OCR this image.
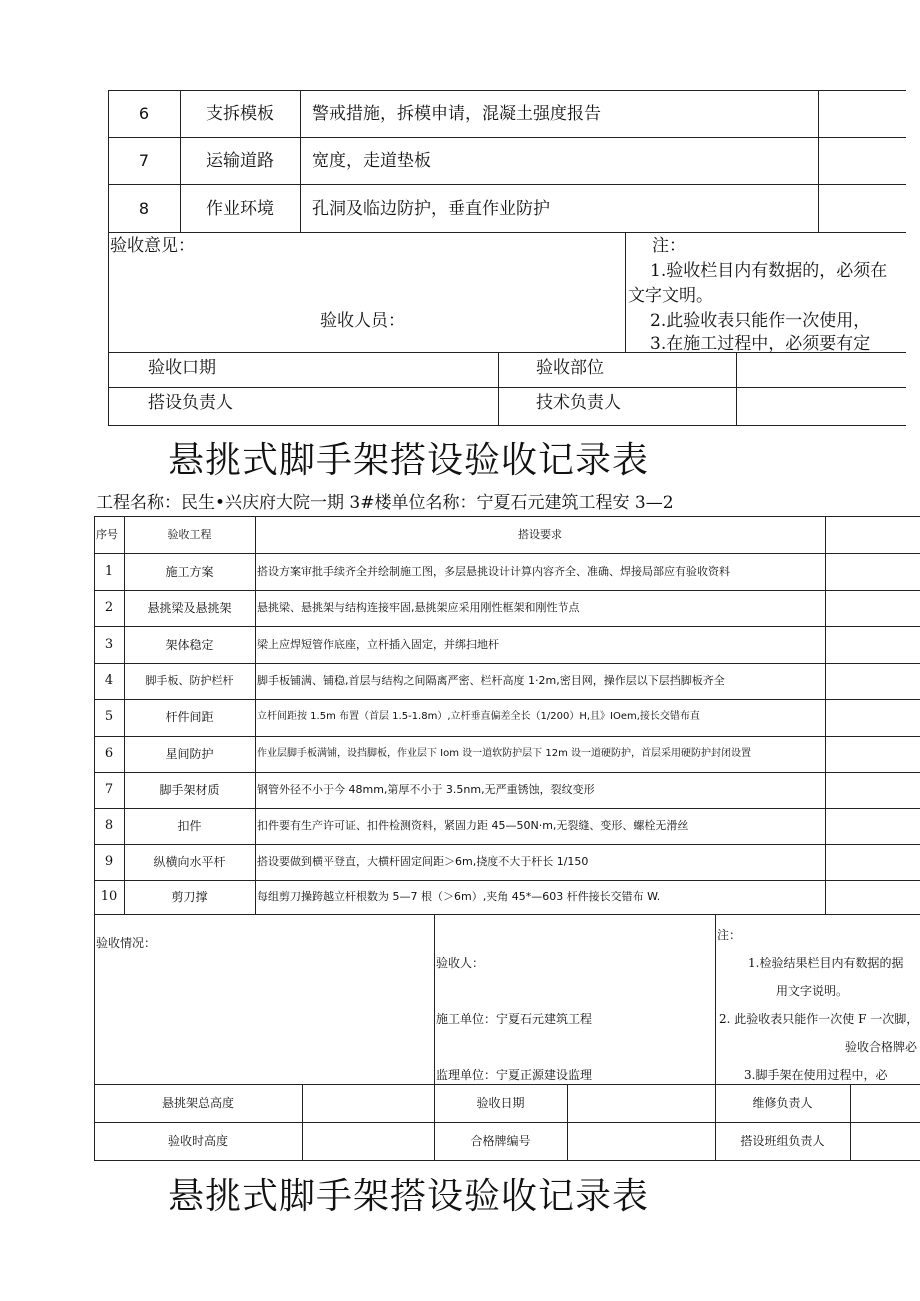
6	支拆模板	警戒措施，拆模申请，混凝土强度报告
7	运输道路	宽度，走道垫板
8	作业环境	孔洞及临边防护，垂直作业防护
验收意见：
验收人员：
注：
1.验收栏目内有数据的，必须在
文字文明。
2.此验收表只能作一次使用，
3.在施工过程中，必须要有定
验收口期	验收部位
搭设负责人	技术负责人
悬挑式脚手架搭设验收记录表
工程名称：民生•兴庆府大院一期 3#楼单位名称：宁夏石元建筑工程安 3—2
序号	验收工程	搭设要求
1	施工方案	搭设方案审批手续齐全并绘制施工图，多层悬挑设计计算内容齐全、准确、焊接局部应有验收资料
2	悬挑梁及悬挑架	悬挑梁、悬挑架与结构连接牢固,悬挑架应采用刚性框架和刚性节点
3	架体稳定	梁上应焊短管作底座，立杆插入固定，并绑扫地杆
4	脚手板、防护栏杆	脚手板铺满、铺稳,首层与结构之间隔离严密、栏杆高度 1·2m,密目网，操作层以下层挡脚板齐全
5	杆件间距	立杆间距按 1.5m 布置（首层 1.5-1.8m）,立杆垂直偏差全长（1/200）H,且》IOem,接长交错布直
6	星间防护	作业层脚手板满铺，设挡脚板，作业层下 Iom 设一道软防护层下 12m 设一道硬防护，首层采用硬防护封闭设置
7	脚手架材质	钢管外径不小于今 48mm,第厚不小于 3.5nm,无严重锈蚀，裂纹变形
8	扣件	扣件要有生产许可证、扣件检测资料，紧固力距 45—50N·m,无裂缝、变形、螺栓无滑丝
9	纵横向水平杆	搭设要做到横平登直，大横杆固定间距＞6m,挠度不大于杆长 1/150
10	剪刀撑	每组剪刀操跨越立杆根数为 5—7 根（＞6m）,夹角 45*—603 杆件接长交错布 W.
验收情况：
验收人：
施工单位：宁夏石元建筑工程
监理单位：宁夏正源建设监理
注：
1.检验结果栏目内有数据的据
用文字说明。
2. 此验收表只能作一次使 F 一次脚，
验收合格牌必
3.脚手架在使用过程中，必
悬挑架总高度	验收日期	维修负责人
验收时高度	合格牌编号	搭设班组负责人
悬挑式脚手架搭设验收记录表
